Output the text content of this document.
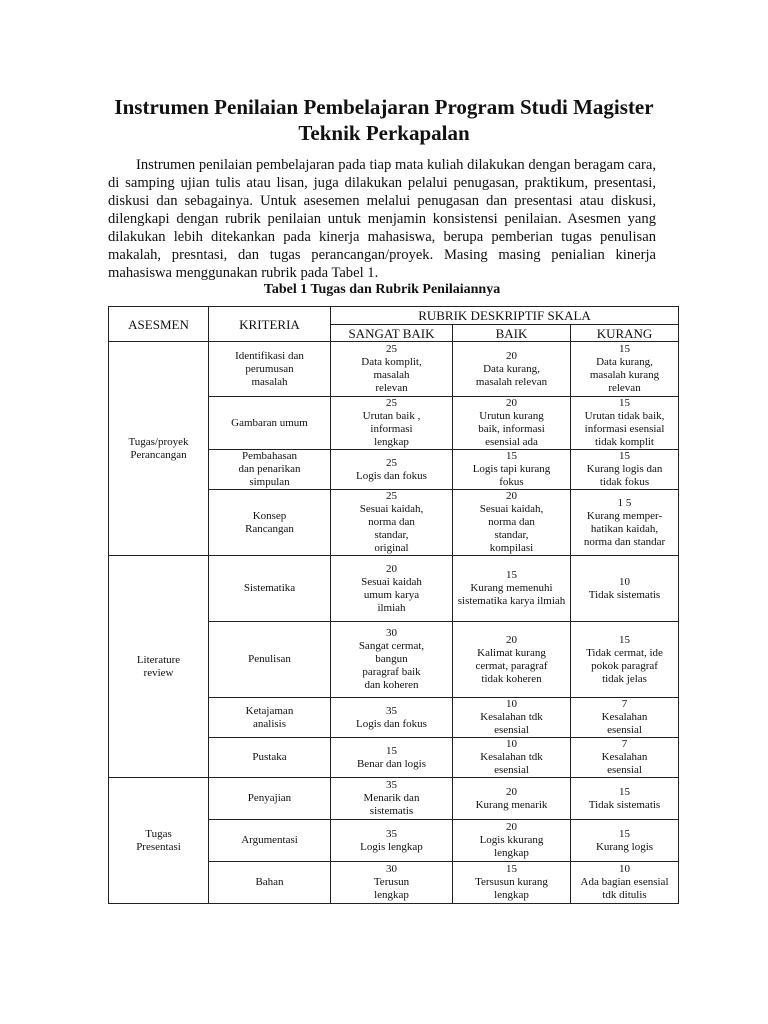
Instrumen Penilaian Pembelajaran Program Studi Magister Teknik Perkapalan

Instrumen penilaian pembelajaran pada tiap mata kuliah dilakukan dengan beragam cara, di samping ujian tulis atau lisan, juga dilakukan pelalui penugasan, praktikum, presentasi, diskusi dan sebagainya. Untuk asesemen melalui penugasan dan presentasi atau diskusi, dilengkapi dengan rubrik penilaian untuk menjamin konsistensi penilaian. Asesmen yang dilakukan lebih ditekankan pada kinerja mahasiswa, berupa pemberian tugas penulisan makalah, presntasi, dan tugas perancangan/proyek. Masing masing penialian kinerja mahasiswa menggunakan rubrik pada Tabel 1.

Tabel 1 Tugas dan Rubrik Penilaiannya
ASESMEN	KRITERIA	RUBRIK DESKRIPTIF SKALA		
		SANGAT BAIK	BAIK	KURANG
Tugas/proyek
Perancangan	Identifikasi dan
perumusan
masalah	25
Data komplit,
masalah
relevan	20
Data kurang,
masalah relevan	15
Data kurang,
masalah kurang
relevan

	Gambaran umum	25
Urutan baik ,
informasi
lengkap	20
Urutun kurang
baik, informasi
esensial ada	15
Urutan tidak baik,
informasi esensial
tidak komplit

	Pembahasan
dan penarikan
simpulan	25
Logis dan fokus	15
Logis tapi kurang
fokus	15
Kurang logis dan
tidak fokus

	Konsep
Rancangan	25
Sesuai kaidah,
norma dan
standar,
original	20
Sesuai kaidah,
norma dan
standar,
kompilasi	1 5
Kurang memper-
hatikan kaidah,
norma dan standar

Literature
review	Sistematika	20
Sesuai kaidah
umum karya
ilmiah	15
Kurang memenuhi
sistematika karya ilmiah	10
Tidak sistematis

	Penulisan	30
Sangat cermat,
bangun
paragraf baik
dan koheren	20
Kalimat kurang
cermat, paragraf
tidak koheren	15
Tidak cermat, ide
pokok paragraf
tidak jelas

	Ketajaman
analisis	35
Logis dan fokus	10
Kesalahan tdk
esensial	7
Kesalahan
esensial

	Pustaka	15
Benar dan logis	10
Kesalahan tdk
esensial	7
Kesalahan
esensial

Tugas
Presentasi	Penyajian	35
Menarik dan
sistematis	20
Kurang menarik	15
Tidak sistematis

	Argumentasi	35
Logis lengkap	20
Logis kkurang
lengkap	15
Kurang logis

	Bahan	30
Terusun
lengkap	15
Tersusun kurang
lengkap	10
Ada bagian esensial
tdk ditulis
